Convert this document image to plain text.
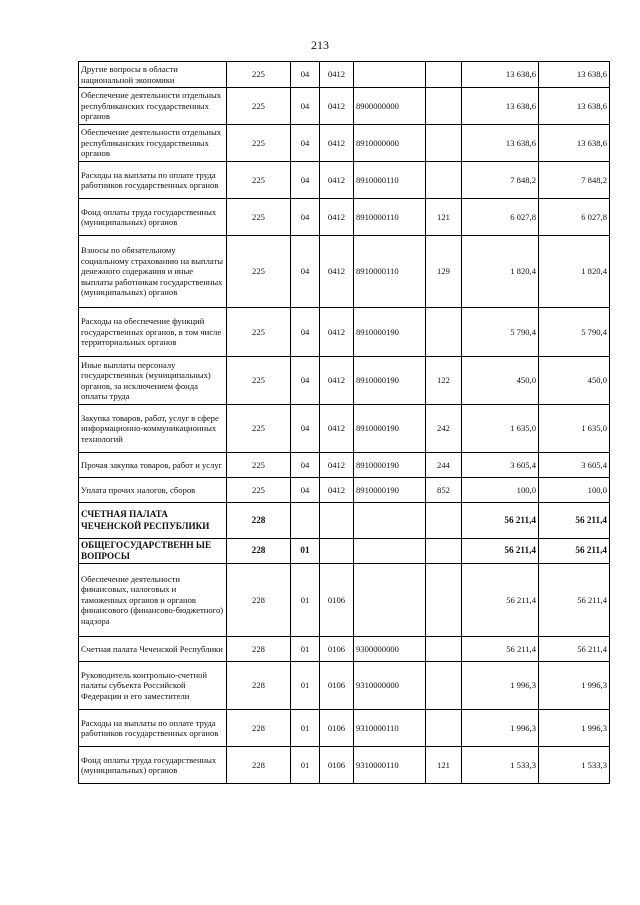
213
Другие вопросы в области национальной экономики	225	04	0412			13 638,6	13 638,6
Обеспечение деятельности отдельных республиканских государственных органов	225	04	0412	8900000000		13 638,6	13 638,6
Обеспечение деятельности отдельных республиканских государственных органов	225	04	0412	8910000000		13 638,6	13 638,6
Расходы на выплаты по оплате труда работников государственных органов	225	04	0412	8910000110		7 848,2	7 848,2
Фонд оплаты труда государственных (муниципальных) органов	225	04	0412	8910000110	121	6 027,8	6 027,8
Взносы по обязательному социальному страхованию на выплаты денежного содержания и иные выплаты работникам государственных (муниципальных) органов	225	04	0412	8910000110	129	1 820,4	1 820,4
Расходы на обеспечение функций государственных органов, в том числе территориальных органов	225	04	0412	8910000190		5 790,4	5 790,4
Иные выплаты персоналу государственных (муниципальных) органов, за исключением фонда оплаты труда	225	04	0412	8910000190	122	450,0	450,0
Закупка товаров, работ, услуг в сфере информационно-коммуникационных технологий	225	04	0412	8910000190	242	1 635,0	1 635,0
Прочая закупка товаров, работ и услуг	225	04	0412	8910000190	244	3 605,4	3 605,4
Уплата прочих налогов, сборов	225	04	0412	8910000190	852	100,0	100,0
СЧЕТНАЯ ПАЛАТА ЧЕЧЕНСКОЙ РЕСПУБЛИКИ	228					56 211,4	56 211,4
ОБЩЕГОСУДАРСТВЕНН ЫЕ ВОПРОСЫ	228	01				56 211,4	56 211,4
Обеспечение деятельности финансовых, налоговых и таможенных органов и органов финансового (финансово-бюджетного) надзора	228	01	0106			56 211,4	56 211,4
Счетная палата Чеченской Республики	228	01	0106	9300000000		56 211,4	56 211,4
Руководитель контрольно-счетной палаты субъекта Российской Федерации и его заместители	228	01	0106	9310000000		1 996,3	1 996,3
Расходы на выплаты по оплате труда работников государственных органов	228	01	0106	9310000110		1 996,3	1 996,3
Фонд оплаты труда государственных (муниципальных) органов	228	01	0106	9310000110	121	1 533,3	1 533,3
